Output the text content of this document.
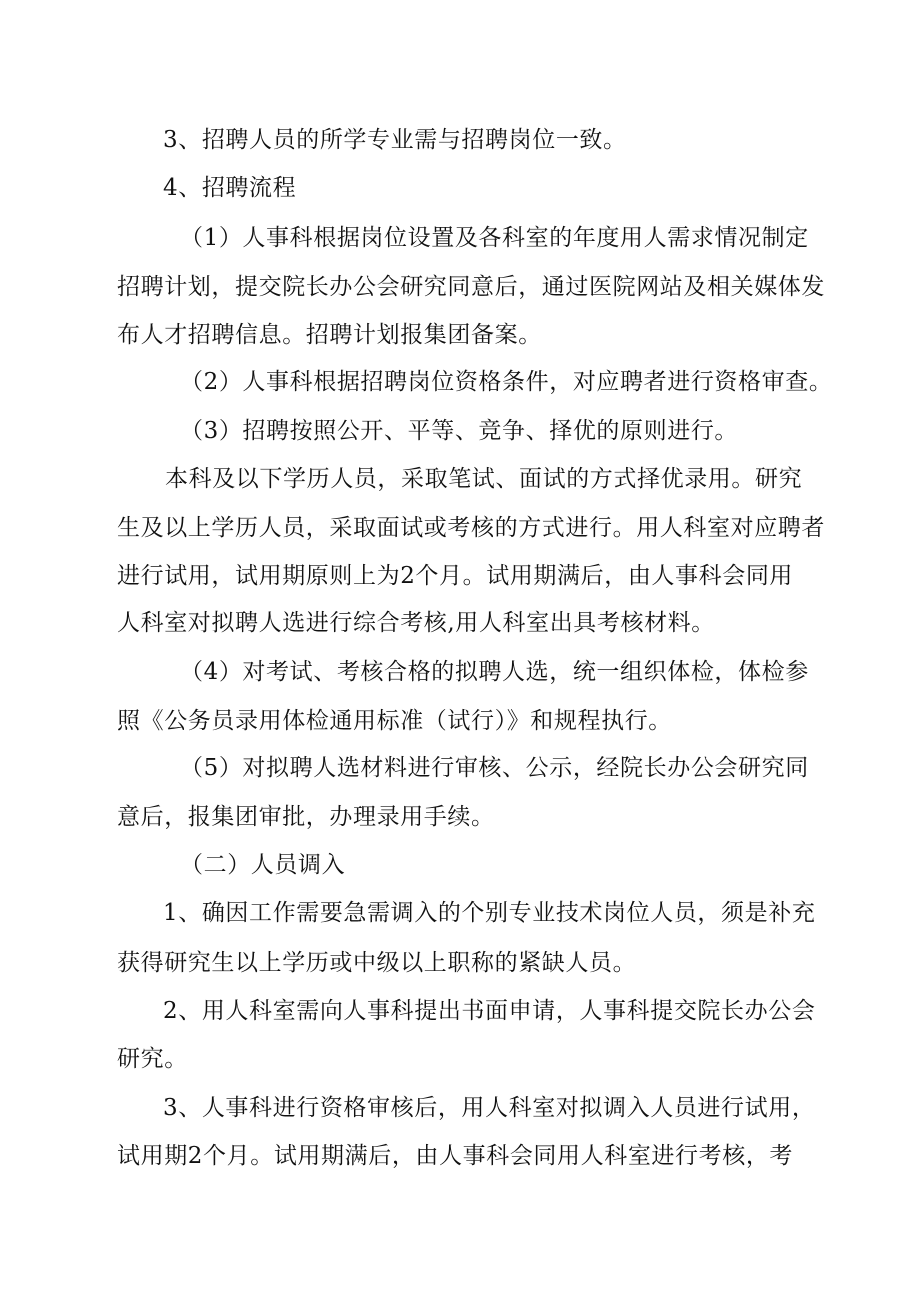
3、招聘人员的所学专业需与招聘岗位一致。
4、招聘流程
（1）人事科根据岗位设置及各科室的年度用人需求情况制定
招聘计划，提交院长办公会研究同意后，通过医院网站及相关媒体发
布人才招聘信息。招聘计划报集团备案。
（2）人事科根据招聘岗位资格条件，对应聘者进行资格审查。
（3）招聘按照公开、平等、竞争、择优的原则进行。
本科及以下学历人员，采取笔试、面试的方式择优录用。研究
生及以上学历人员，采取面试或考核的方式进行。用人科室对应聘者
进行试用，试用期原则上为2个月。试用期满后，由人事科会同用
人科室对拟聘人选进行综合考核,用人科室出具考核材料。
（4）对考试、考核合格的拟聘人选，统一组织体检，体检参
照《公务员录用体检通用标准（试行）》和规程执行。
（5）对拟聘人选材料进行审核、公示，经院长办公会研究同
意后，报集团审批，办理录用手续。
（二）人员调入
1、确因工作需要急需调入的个别专业技术岗位人员，须是补充
获得研究生以上学历或中级以上职称的紧缺人员。
2、用人科室需向人事科提出书面申请，人事科提交院长办公会
研究。
3、人事科进行资格审核后，用人科室对拟调入人员进行试用，
试用期2个月。试用期满后，由人事科会同用人科室进行考核，考
